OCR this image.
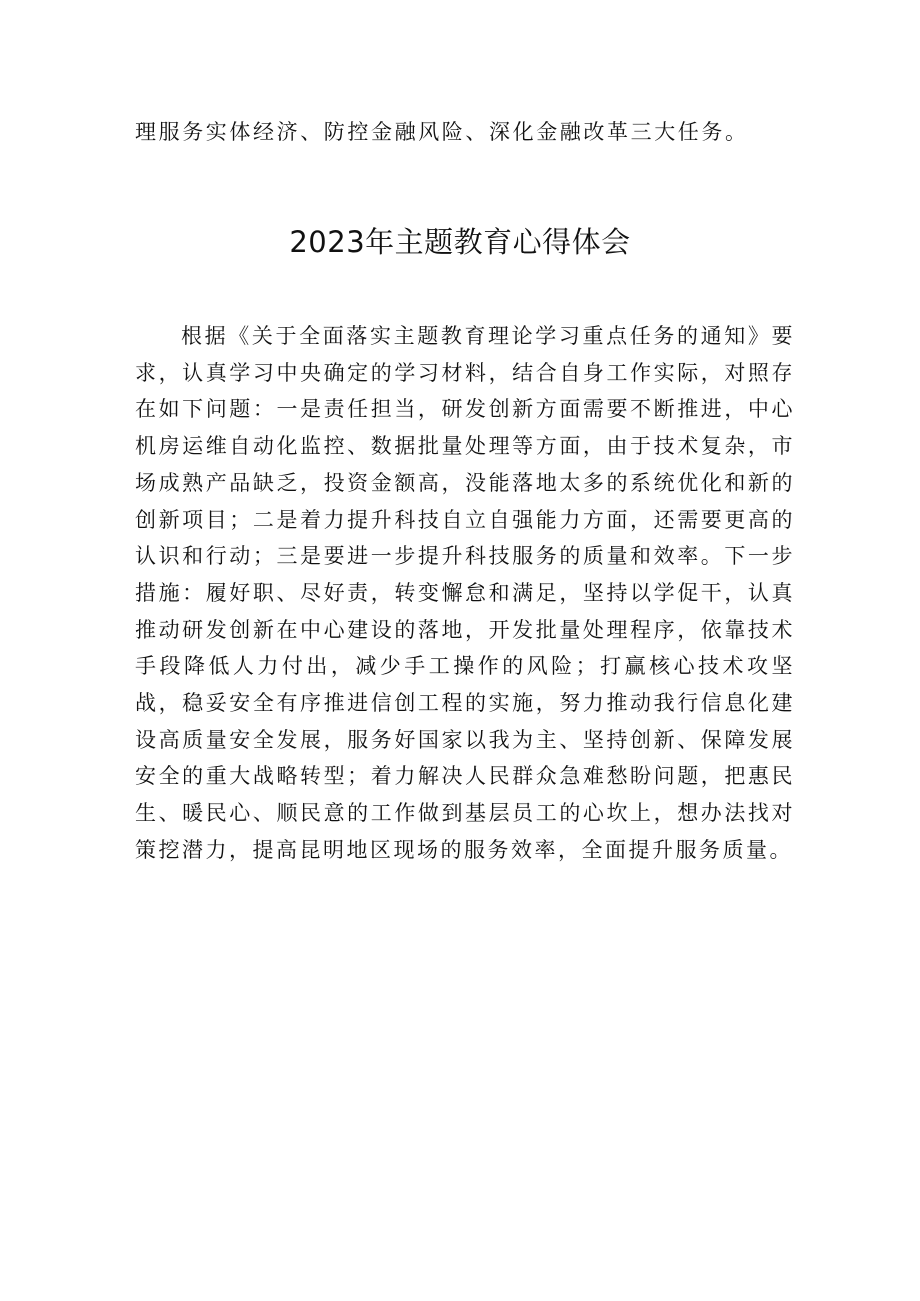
理服务实体经济、防控金融风险、深化金融改革三大任务。
2023年主题教育心得体会

根据《关于全面落实主题教育理论学习重点任务的通知》要求，认真学习中央确定的学习材料，结合自身工作实际，对照存在如下问题：一是责任担当，研发创新方面需要不断推进，中心机房运维自动化监控、数据批量处理等方面，由于技术复杂，市场成熟产品缺乏，投资金额高，没能落地太多的系统优化和新的创新项目；二是着力提升科技自立自强能力方面，还需要更高的认识和行动；三是要进一步提升科技服务的质量和效率。下一步措施：履好职、尽好责，转变懈怠和满足，坚持以学促干，认真推动研发创新在中心建设的落地，开发批量处理程序，依靠技术手段降低人力付出，减少手工操作的风险；打赢核心技术攻坚战，稳妥安全有序推进信创工程的实施，努力推动我行信息化建设高质量安全发展，服务好国家以我为主、坚持创新、保障发展安全的重大战略转型；着力解决人民群众急难愁盼问题，把惠民生、暖民心、顺民意的工作做到基层员工的心坎上，想办法找对策挖潜力，提高昆明地区现场的服务效率，全面提升服务质量。
